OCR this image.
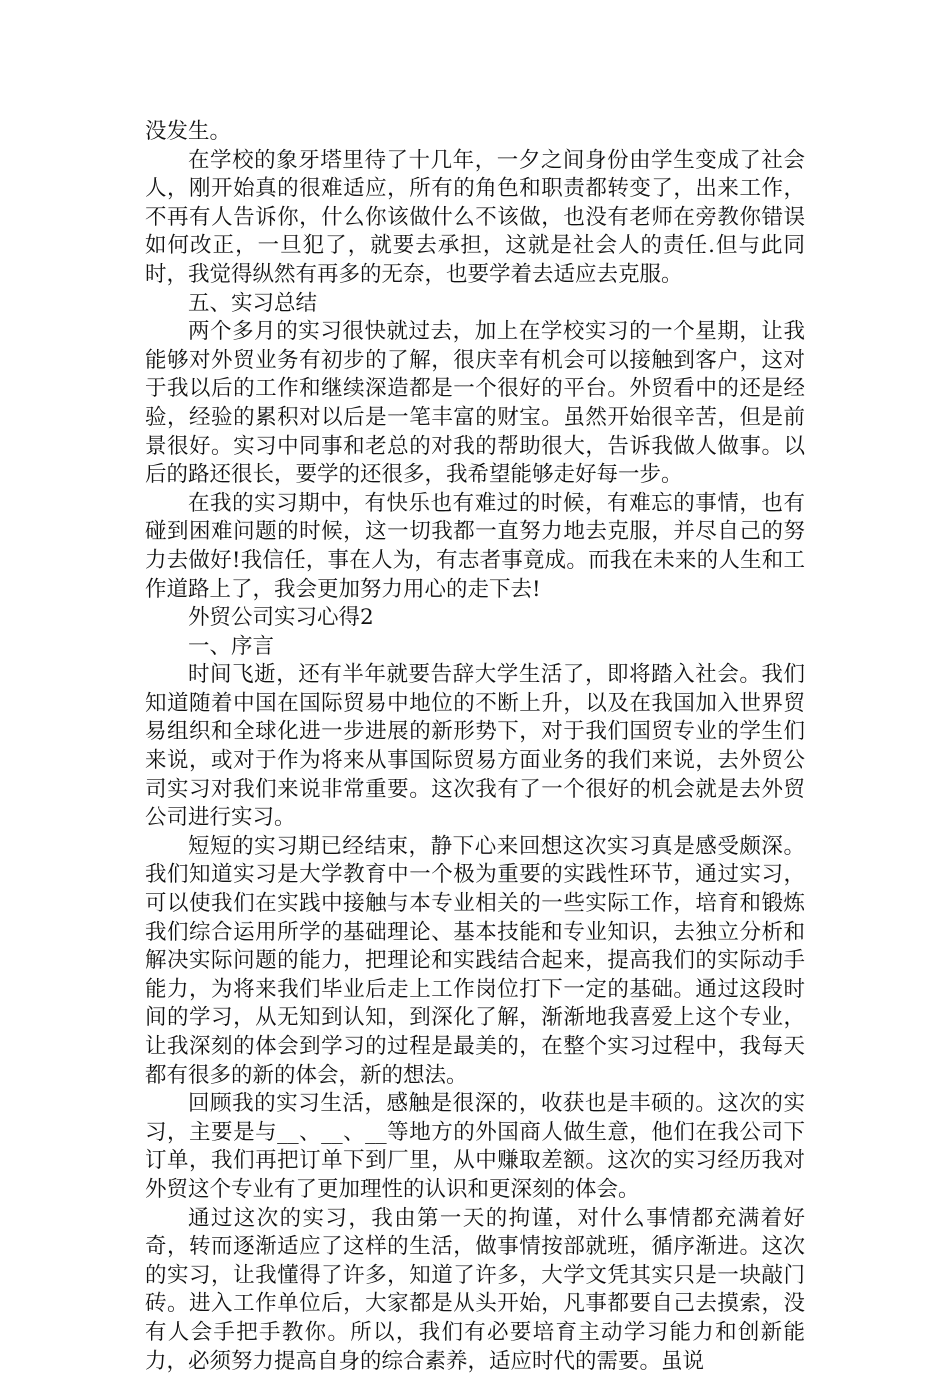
没发生。

在学校的象牙塔里待了十几年，一夕之间身份由学生变成了社会人，刚开始真的很难适应，所有的角色和职责都转变了，出来工作，不再有人告诉你，什么你该做什么不该做，也没有老师在旁教你错误如何改正，一旦犯了，就要去承担，这就是社会人的责任.但与此同时，我觉得纵然有再多的无奈，也要学着去适应去克服。

五、实习总结

两个多月的实习很快就过去，加上在学校实习的一个星期，让我能够对外贸业务有初步的了解，很庆幸有机会可以接触到客户，这对于我以后的工作和继续深造都是一个很好的平台。外贸看中的还是经验，经验的累积对以后是一笔丰富的财宝。虽然开始很辛苦，但是前景很好。实习中同事和老总的对我的帮助很大，告诉我做人做事。以后的路还很长，要学的还很多，我希望能够走好每一步。

在我的实习期中，有快乐也有难过的时候，有难忘的事情，也有碰到困难问题的时候，这一切我都一直努力地去克服，并尽自己的努力去做好!我信任，事在人为，有志者事竟成。而我在未来的人生和工作道路上了，我会更加努力用心的走下去!

外贸公司实习心得2

一、序言

时间飞逝，还有半年就要告辞大学生活了，即将踏入社会。我们知道随着中国在国际贸易中地位的不断上升，以及在我国加入世界贸易组织和全球化进一步进展的新形势下，对于我们国贸专业的学生们来说，或对于作为将来从事国际贸易方面业务的我们来说，去外贸公司实习对我们来说非常重要。这次我有了一个很好的机会就是去外贸公司进行实习。

短短的实习期已经结束，静下心来回想这次实习真是感受颇深。我们知道实习是大学教育中一个极为重要的实践性环节，通过实习，可以使我们在实践中接触与本专业相关的一些实际工作，培育和锻炼我们综合运用所学的基础理论、基本技能和专业知识，去独立分析和解决实际问题的能力，把理论和实践结合起来，提高我们的实际动手能力，为将来我们毕业后走上工作岗位打下一定的基础。通过这段时间的学习，从无知到认知，到深化了解，渐渐地我喜爱上这个专业，让我深刻的体会到学习的过程是最美的，在整个实习过程中，我每天都有很多的新的体会，新的想法。

回顾我的实习生活，感触是很深的，收获也是丰硕的。这次的实习，主要是与__、__、__等地方的外国商人做生意，他们在我公司下订单，我们再把订单下到厂里，从中赚取差额。这次的实习经历我对外贸这个专业有了更加理性的认识和更深刻的体会。

通过这次的实习，我由第一天的拘谨，对什么事情都充满着好奇，转而逐渐适应了这样的生活，做事情按部就班，循序渐进。这次的实习，让我懂得了许多，知道了许多，大学文凭其实只是一块敲门砖。进入工作单位后，大家都是从头开始，凡事都要自己去摸索，没有人会手把手教你。所以，我们有必要培育主动学习能力和创新能力，必须努力提高自身的综合素养，适应时代的需要。虽说
